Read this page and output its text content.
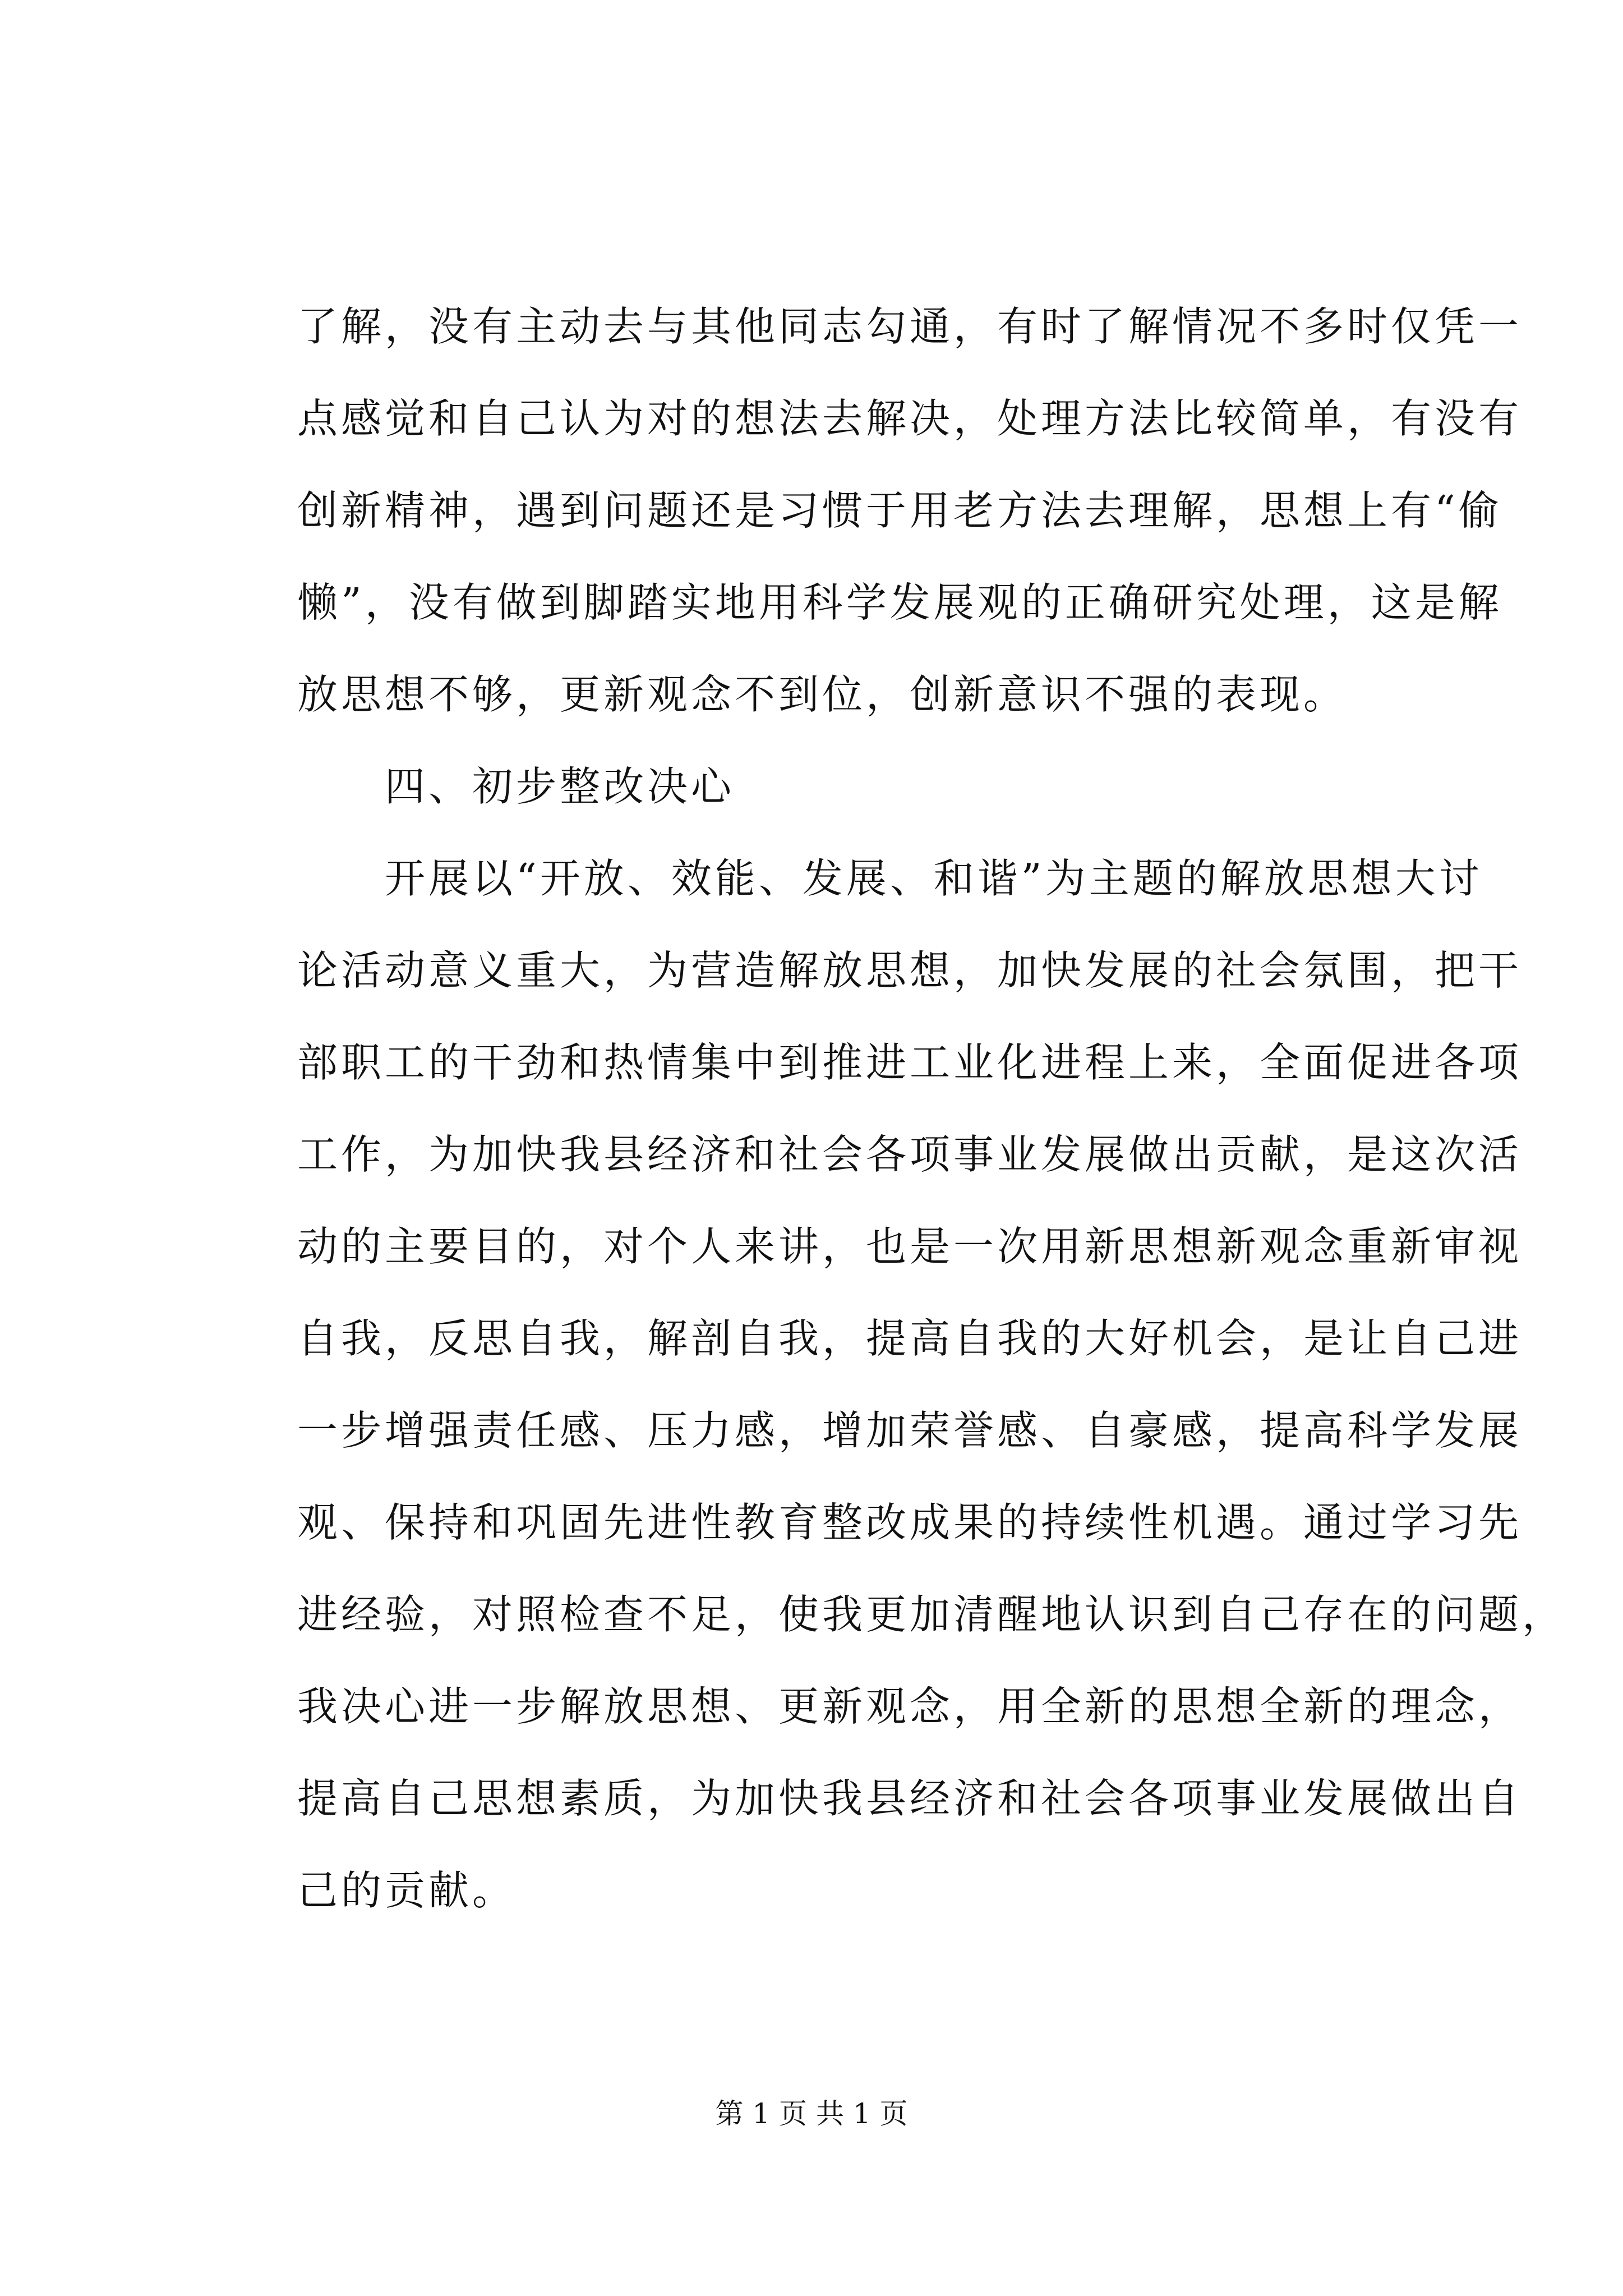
了解，没有主动去与其他同志勾通，有时了解情况不多时仅凭一
点感觉和自己认为对的想法去解决，处理方法比较简单，有没有
创新精神，遇到问题还是习惯于用老方法去理解，思想上有“偷
懒”，没有做到脚踏实地用科学发展观的正确研究处理，这是解
放思想不够，更新观念不到位，创新意识不强的表现。
　　四、初步整改决心
　　开展以“开放、效能、发展、和谐”为主题的解放思想大讨
论活动意义重大，为营造解放思想，加快发展的社会氛围，把干
部职工的干劲和热情集中到推进工业化进程上来，全面促进各项
工作，为加快我县经济和社会各项事业发展做出贡献，是这次活
动的主要目的，对个人来讲，也是一次用新思想新观念重新审视
自我，反思自我，解剖自我，提高自我的大好机会，是让自己进
一步增强责任感、压力感，增加荣誉感、自豪感，提高科学发展
观、保持和巩固先进性教育整改成果的持续性机遇。通过学习先
进经验，对照检查不足，使我更加清醒地认识到自己存在的问题，
我决心进一步解放思想、更新观念，用全新的思想全新的理念，
提高自己思想素质，为加快我县经济和社会各项事业发展做出自
己的贡献。
第 1 页 共 1 页
